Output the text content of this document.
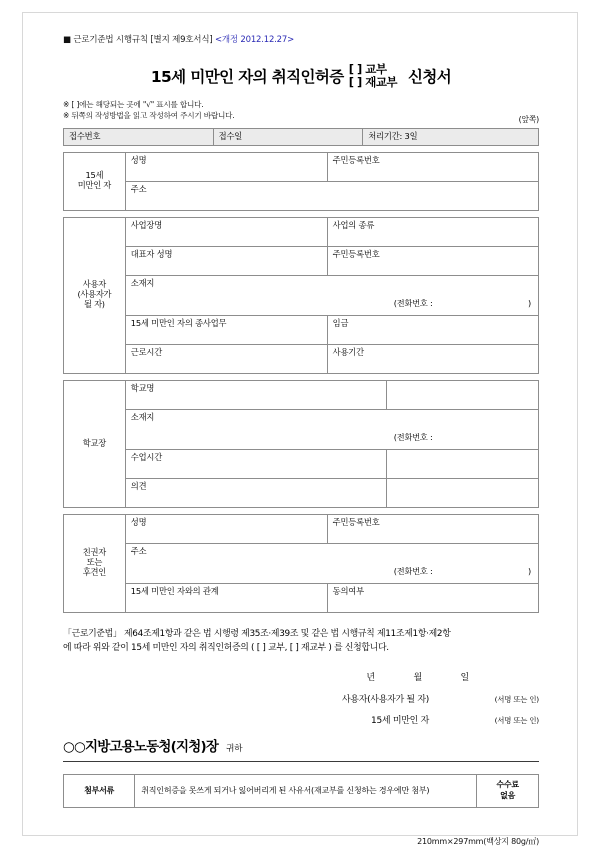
■ 근로기준법 시행규칙 [별지 제9호서식] <개정 2012.12.27>
15세 미만인 자의 취직인허증 [ ] 교부
[ ] 재교부 신청서
※ [ ]에는 해당되는 곳에 "√" 표시를 합니다.
※ 뒤쪽의 작성방법을 읽고 작성하여 주시기 바랍니다.	(앞쪽)
접수번호	접수일	처리기간: 3일
15세
미만인 자
	성명	주민등록번호
주소
사용자
(사용자가
될 자)	사업장명	사업의 종류
	대표자 성명	주민등록번호

	소재지
(전화번호 : )	

	15세 미만인 자의 종사업무	임금
	근로시간	사용기간
학교장	학교명	

	소재지
(전화번호 :	

	수업시간	
	의견	
친권자
또는
후견인	성명	주민등록번호

	주소
(전화번호 : )	

	15세 미만인 자와의 관계	동의여부
「근로기준법」 제64조제1항과 같은 법 시행령 제35조·제39조 및 같은 법 시행규칙 제11조제1항·제2항
에 따라 위와 같이 15세 미만인 자의 취직인허증의 ( [ ] 교부, [ ] 재교부 ) 를 신청합니다.
년	월	일
사용자(사용자가 될 자)	(서명 또는 인)
15세 미만인 자	(서명 또는 인)
○○지방고용노동청(지청)장 귀하
첨부서류	취직인허증을 못쓰게 되거나 잃어버리게 된 사유서(재교부를 신청하는 경우에만 첨부)	
수수료
없음
210mm×297mm(백상지 80g/㎡)
